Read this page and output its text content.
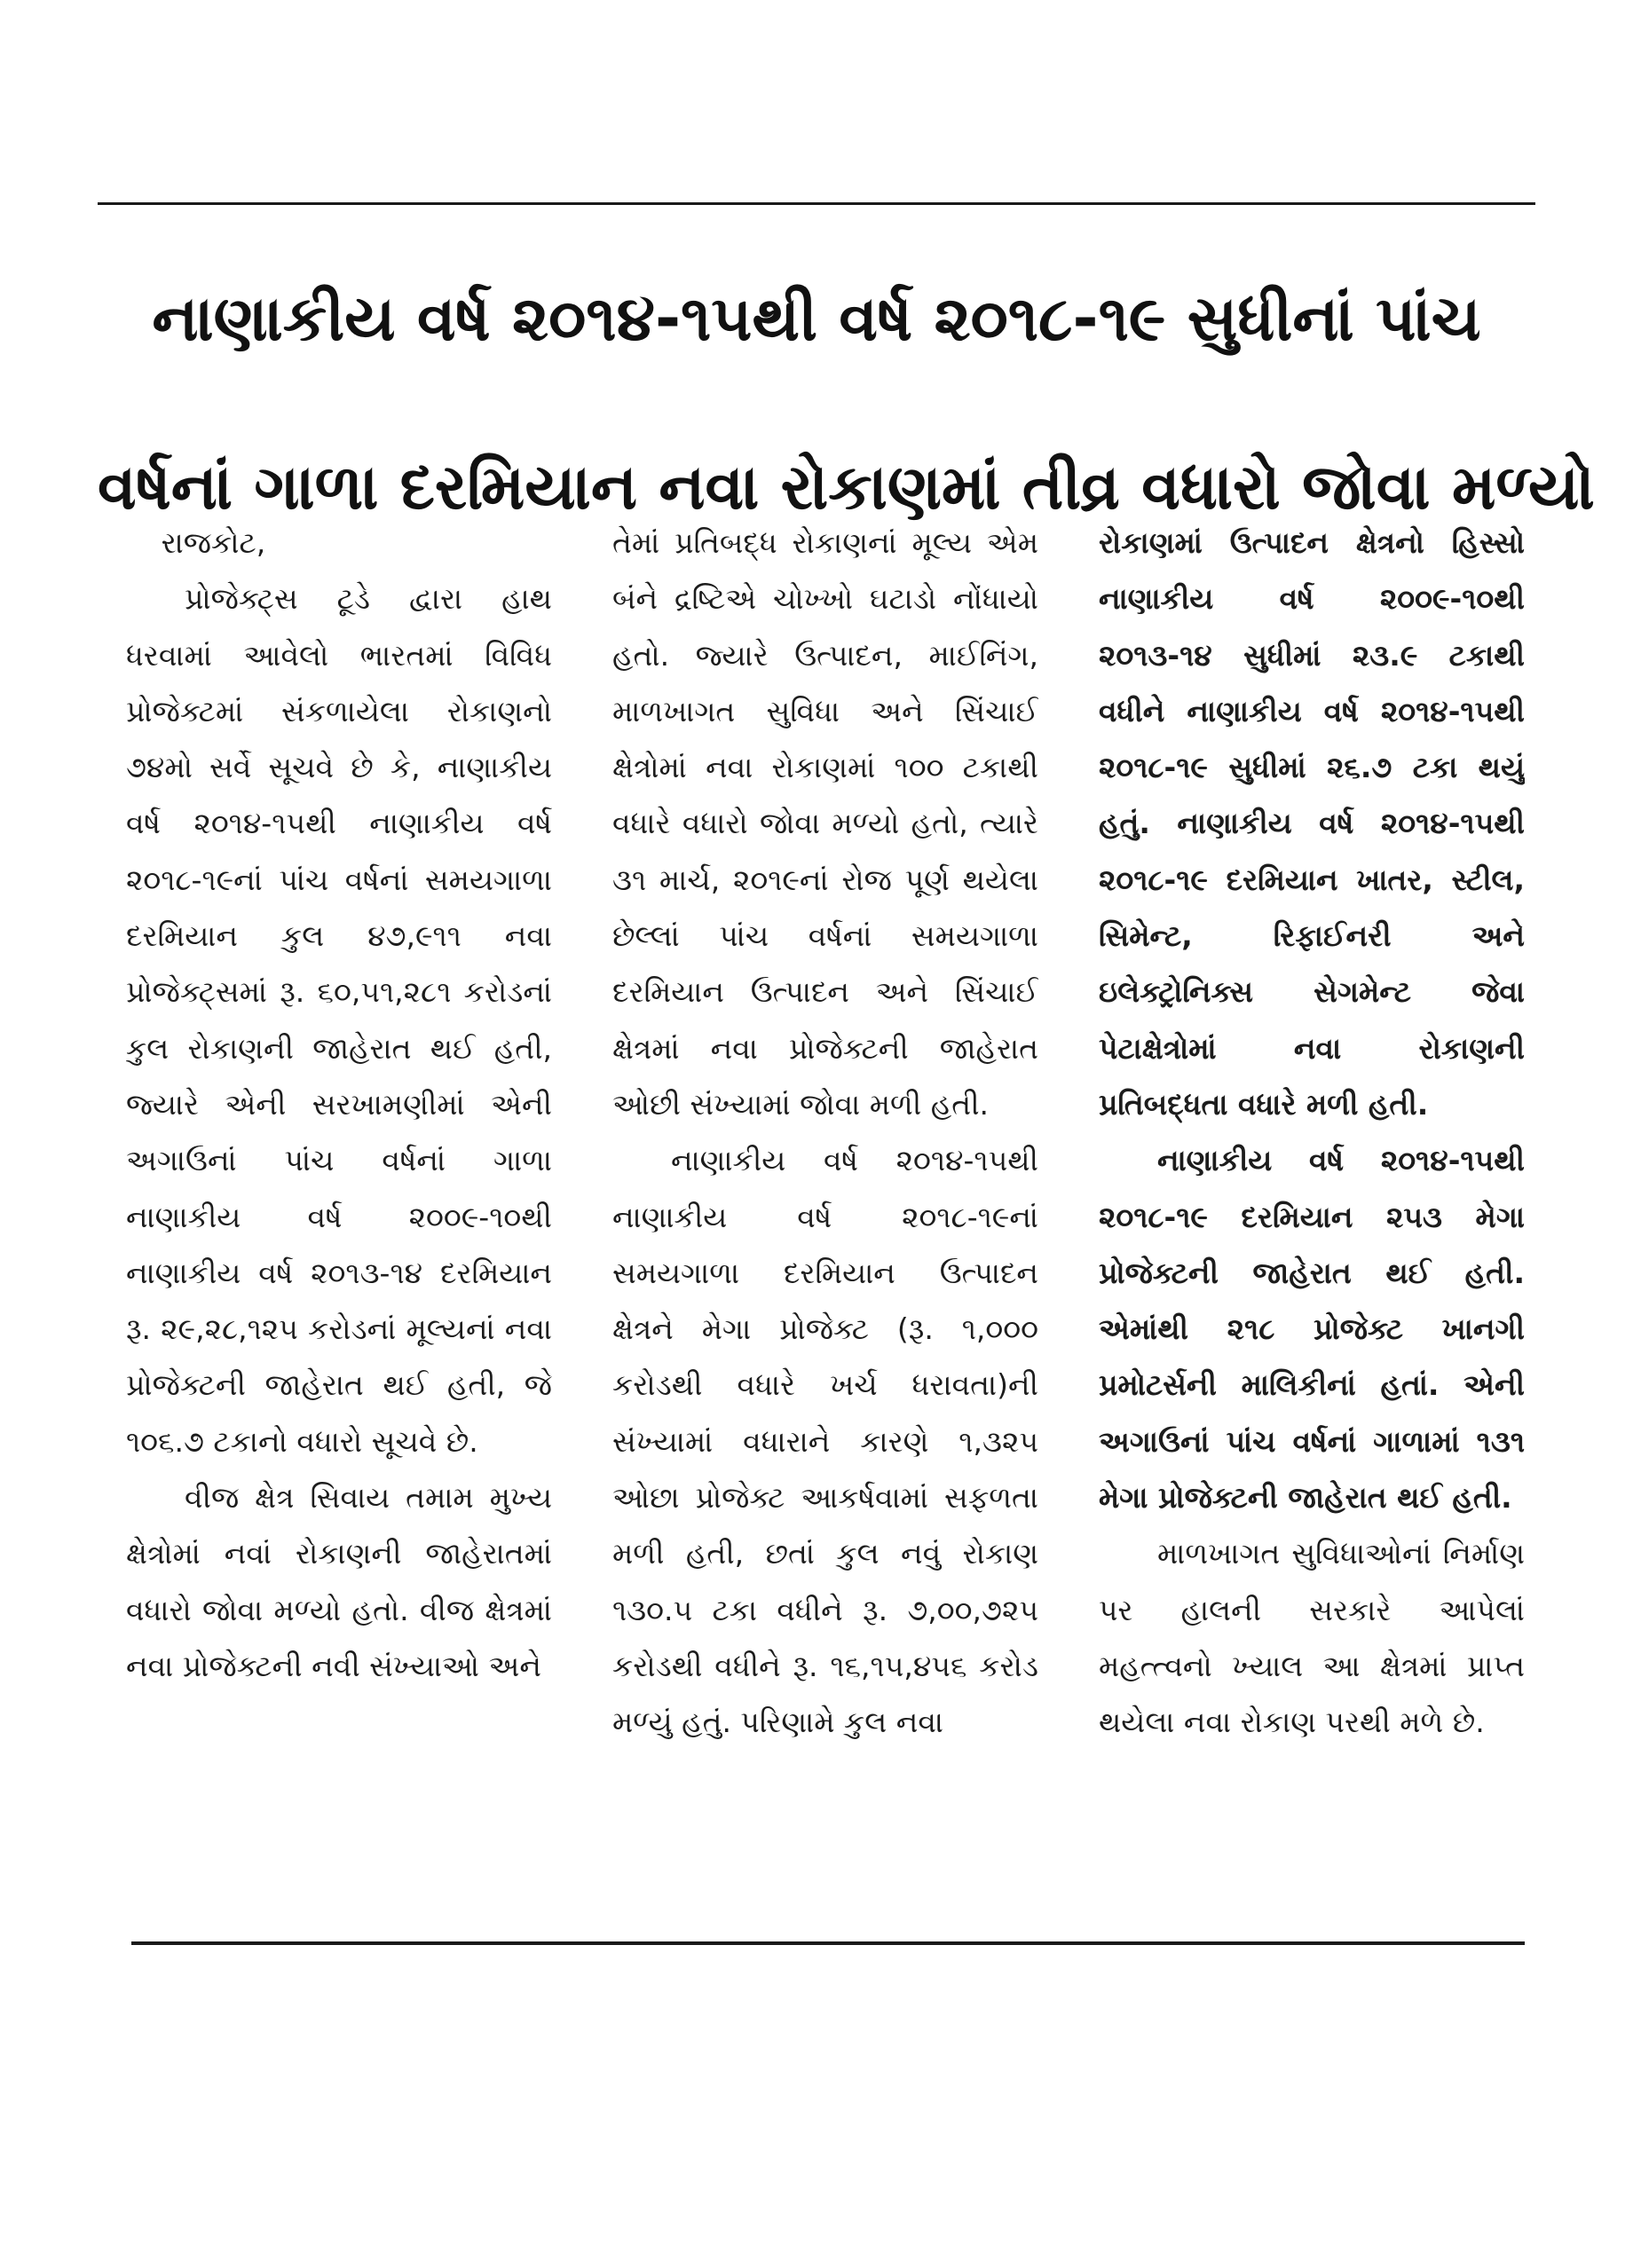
નાણાકીય વર્ષ ૨૦૧૪-૧૫થી વર્ષ ૨૦૧૮-૧૯ સુધીનાં પાંચ
વર્ષનાં ગાળા દરમિયાન નવા રોકાણમાં તીવ્ર વધારો જોવા મળ્યો

રાજકોટ,

પ્રોજેક્ટ્સ ટૂડે દ્વારા હાથ ધરવામાં આવેલો ભારતમાં વિવિધ પ્રોજેક્ટમાં સંકળાયેલા રોકાણનો ૭૪મો સર્વે સૂચવે છે કે, નાણાકીય વર્ષ ૨૦૧૪-૧૫થી નાણાકીય વર્ષ ૨૦૧૮-૧૯નાં પાંચ વર્ષનાં સમયગાળા દરમિયાન કુલ ૪૭,૯૧૧ નવા પ્રોજેક્ટ્સમાં રૂ. ૬૦,૫૧,૨૮૧ કરોડનાં કુલ રોકાણની જાહેરાત થઈ હતી, જ્યારે એની સરખામણીમાં એની અગાઉનાં પાંચ વર્ષનાં ગાળા નાણાકીય વર્ષ ૨૦૦૯-૧૦થી નાણાકીય વર્ષ ૨૦૧૩-૧૪ દરમિયાન રૂ. ૨૯,૨૮,૧૨૫ કરોડનાં મૂલ્યનાં નવા પ્રોજેક્ટની જાહેરાત થઈ હતી, જે ૧૦૬.૭ ટકાનો વધારો સૂચવે છે.

વીજ ક્ષેત્ર સિવાય તમામ મુખ્ય ક્ષેત્રોમાં નવાં રોકાણની જાહેરાતમાં વધારો જોવા મળ્યો હતો. વીજ ક્ષેત્રમાં નવા પ્રોજેક્ટની નવી સંખ્યાઓ અને

તેમાં પ્રતિબદ્ધ રોકાણનાં મૂલ્ય એમ બંને દ્રષ્ટિએ ચોખ્ખો ઘટાડો નોંધાયો હતો. જ્યારે ઉત્પાદન, માઈનિંગ, માળખાગત સુવિધા અને સિંચાઈ ક્ષેત્રોમાં નવા રોકાણમાં ૧૦૦ ટકાથી વધારે વધારો જોવા મળ્યો હતો, ત્યારે ૩૧ માર્ચ, ૨૦૧૯નાં રોજ પૂર્ણ થયેલા છેલ્લાં પાંચ વર્ષનાં સમયગાળા દરમિયાન ઉત્પાદન અને સિંચાઈ ક્ષેત્રમાં નવા પ્રોજેક્ટની જાહેરાત ઓછી સંખ્યામાં જોવા મળી હતી.

નાણાકીય વર્ષ ૨૦૧૪-૧૫થી નાણાકીય વર્ષ ૨૦૧૮-૧૯નાં સમયગાળા દરમિયાન ઉત્પાદન ક્ષેત્રને મેગા પ્રોજેક્ટ (રૂ. ૧,૦૦૦ કરોડથી વધારે ખર્ચ ધરાવતા)ની સંખ્યામાં વધારાને કારણે ૧,૩૨૫ ઓછા પ્રોજેક્ટ આકર્ષવામાં સફળતા મળી હતી, છતાં કુલ નવું રોકાણ ૧૩૦.૫ ટકા વધીને રૂ. ૭,૦૦,૭૨૫ કરોડથી વધીને રૂ. ૧૬,૧૫,૪૫૬ કરોડ મળ્યું હતું. પરિણામે કુલ નવા

રોકાણમાં ઉત્પાદન ક્ષેત્રનો હિસ્સો નાણાકીય વર્ષ ૨૦૦૯-૧૦થી ૨૦૧૩-૧૪ સુધીમાં ૨૩.૯ ટકાથી વધીને નાણાકીય વર્ષ ૨૦૧૪-૧૫થી ૨૦૧૮-૧૯ સુધીમાં ૨૬.૭ ટકા થયું હતું. નાણાકીય વર્ષ ૨૦૧૪-૧૫થી ૨૦૧૮-૧૯ દરમિયાન ખાતર, સ્ટીલ, સિમેન્ટ, રિફાઈનરી અને ઇલેક્ટ્રોનિક્સ સેગમેન્ટ જેવા પેટાક્ષેત્રોમાં નવા રોકાણની પ્રતિબદ્ધતા વધારે મળી હતી.

નાણાકીય વર્ષ ૨૦૧૪-૧૫થી ૨૦૧૮-૧૯ દરમિયાન ૨૫૩ મેગા પ્રોજેક્ટની જાહેરાત થઈ હતી. એમાંથી ૨૧૮ પ્રોજેક્ટ ખાનગી પ્રમોટર્સની માલિકીનાં હતાં. એની અગાઉનાં પાંચ વર્ષનાં ગાળામાં ૧૩૧ મેગા પ્રોજેક્ટની જાહેરાત થઈ હતી.

માળખાગત સુવિધાઓનાં નિર્માણ પર હાલની સરકારે આપેલાં મહત્ત્વનો ખ્યાલ આ ક્ષેત્રમાં પ્રાપ્ત થયેલા નવા રોકાણ પરથી મળે છે.
